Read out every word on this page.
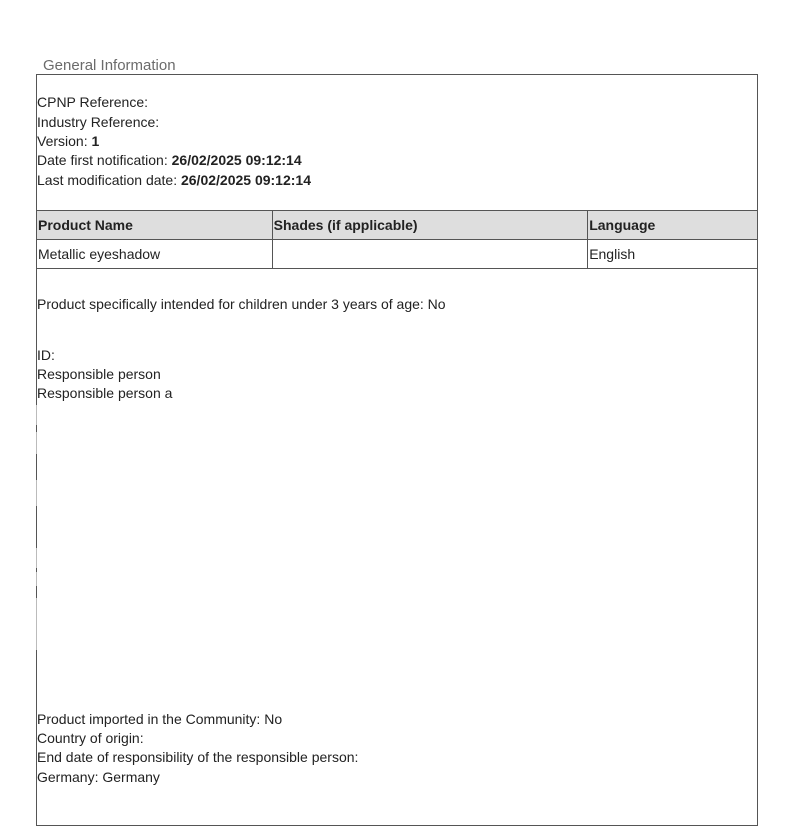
General Information
CPNP Reference:
Industry Reference:
Version: 1
Date first notification: 26/02/2025 09:12:14
Last modification date: 26/02/2025 09:12:14
Product Name	Shades (if applicable)	Language
Metallic eyeshadow		English
Product specifically intended for children under 3 years of age: No
ID:
Responsible person
Responsible person a
Product imported in the Community: No
Country of origin:
End date of responsibility of the responsible person:
Germany: Germany
